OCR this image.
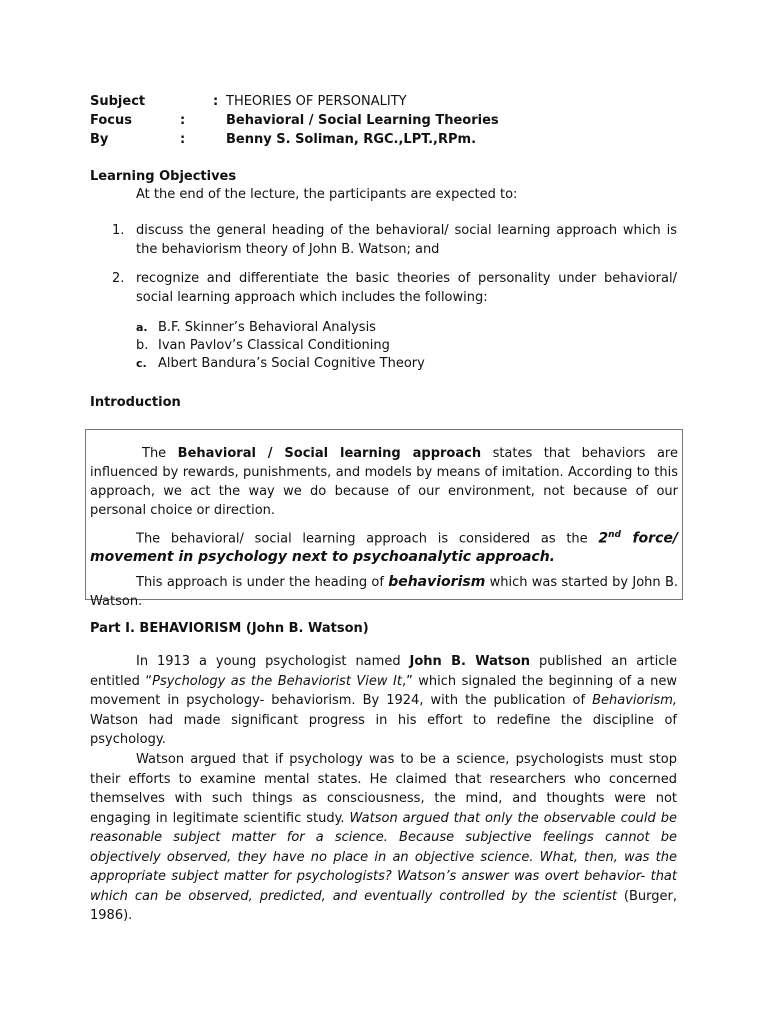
Subject	: THEORIES OF PERSONALITY
Focus	:	Behavioral / Social Learning Theories
By	:	Benny S. Soliman, RGC.,LPT.,RPm.
Learning Objectives
At the end of the lecture, the participants are expected to:
1. discuss the general heading of the behavioral/ social learning approach which is the behaviorism theory of John B. Watson; and
2. recognize and differentiate the basic theories of personality under behavioral/ social learning approach which includes the following:
a. B.F. Skinner’s Behavioral Analysis
b. Ivan Pavlov’s Classical Conditioning
c. Albert Bandura’s Social Cognitive Theory
Introduction

The Behavioral / Social learning approach states that behaviors are influenced by rewards, punishments, and models by means of imitation. According to this approach, we act the way we do because of our environment, not because of our personal choice or direction.

The behavioral/ social learning approach is considered as the 2nd force/ movement in psychology next to psychoanalytic approach.

This approach is under the heading of behaviorism which was started by John B. Watson.

Part I. BEHAVIORISM (John B. Watson)

In 1913 a young psychologist named John B. Watson published an article entitled “Psychology as the Behaviorist View It,” which signaled the beginning of a new movement in psychology- behaviorism. By 1924, with the publication of Behaviorism, Watson had made significant progress in his effort to redefine the discipline of psychology.

Watson argued that if psychology was to be a science, psychologists must stop their efforts to examine mental states. He claimed that researchers who concerned themselves with such things as consciousness, the mind, and thoughts were not engaging in legitimate scientific study. Watson argued that only the observable could be reasonable subject matter for a science. Because subjective feelings cannot be objectively observed, they have no place in an objective science. What, then, was the appropriate subject matter for psychologists? Watson’s answer was overt behavior- that which can be observed, predicted, and eventually controlled by the scientist (Burger, 1986).
